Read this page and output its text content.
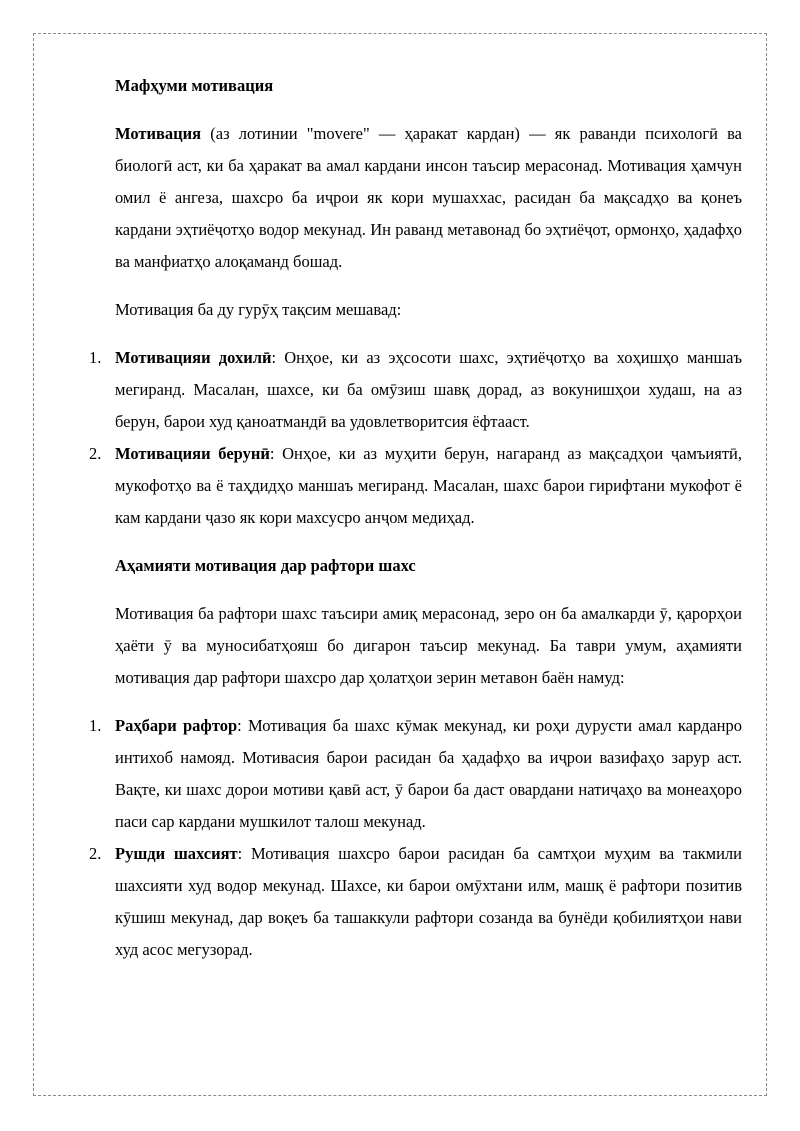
Мафҳуми мотивация

Мотивация (аз лотинии "movere" — ҳаракат кардан) — як раванди психологӣ ва биологӣ аст, ки ба ҳаракат ва амал кардани инсон таъсир мерасонад. Мотивация ҳамчун омил ё ангеза, шахсро ба иҷрои як кори мушаххас, расидан ба мақсадҳо ва қонеъ кардани эҳтиёҷотҳо водор мекунад. Ин раванд метавонад бо эҳтиёҷот, ормонҳо, ҳадафҳо ва манфиатҳо алоқаманд бошад.

Мотивация ба ду гурӯҳ тақсим мешавад:

1. Мотивацияи дохилӣ: Онҳое, ки аз эҳсосоти шахс, эҳтиёҷотҳо ва хоҳишҳо маншаъ мегиранд. Масалан, шахсе, ки ба омӯзиш шавқ дорад, аз вокунишҳои худаш, на аз берун, барои худ қаноатмандӣ ва удовлетворитсия ёфтааст.
2. Мотивацияи берунӣ: Онҳое, ки аз муҳити берун, нагаранд аз мақсадҳои ҷамъиятӣ, мукофотҳо ва ё таҳдидҳо маншаъ мегиранд. Масалан, шахс барои гирифтани мукофот ё кам кардани ҷазо як кори махсусро анҷом медиҳад.
Аҳамияти мотивация дар рафтори шахс

Мотивация ба рафтори шахс таъсири амиқ мерасонад, зеро он ба амалкарди ӯ, қарорҳои ҳаёти ӯ ва муносибатҳояш бо дигарон таъсир мекунад. Ба таври умум, аҳамияти мотивация дар рафтори шахсро дар ҳолатҳои зерин метавон баён намуд:

1. Раҳбари рафтор: Мотивация ба шахс кӯмак мекунад, ки роҳи дурусти амал карданро интихоб намояд. Мотивасия барои расидан ба ҳадафҳо ва иҷрои вазифаҳо зарур аст. Вақте, ки шахс дорои мотиви қавӣ аст, ӯ барои ба даст овардани натиҷаҳо ва монеаҳоро паси сар кардани мушкилот талош мекунад.
2. Рушди шахсият: Мотивация шахсро барои расидан ба самтҳои муҳим ва такмили шахсияти худ водор мекунад. Шахсе, ки барои омӯхтани илм, машқ ё рафтори позитив кӯшиш мекунад, дар воқеъ ба ташаккули рафтори созанда ва бунёди қобилиятҳои нави худ асос мегузорад.
